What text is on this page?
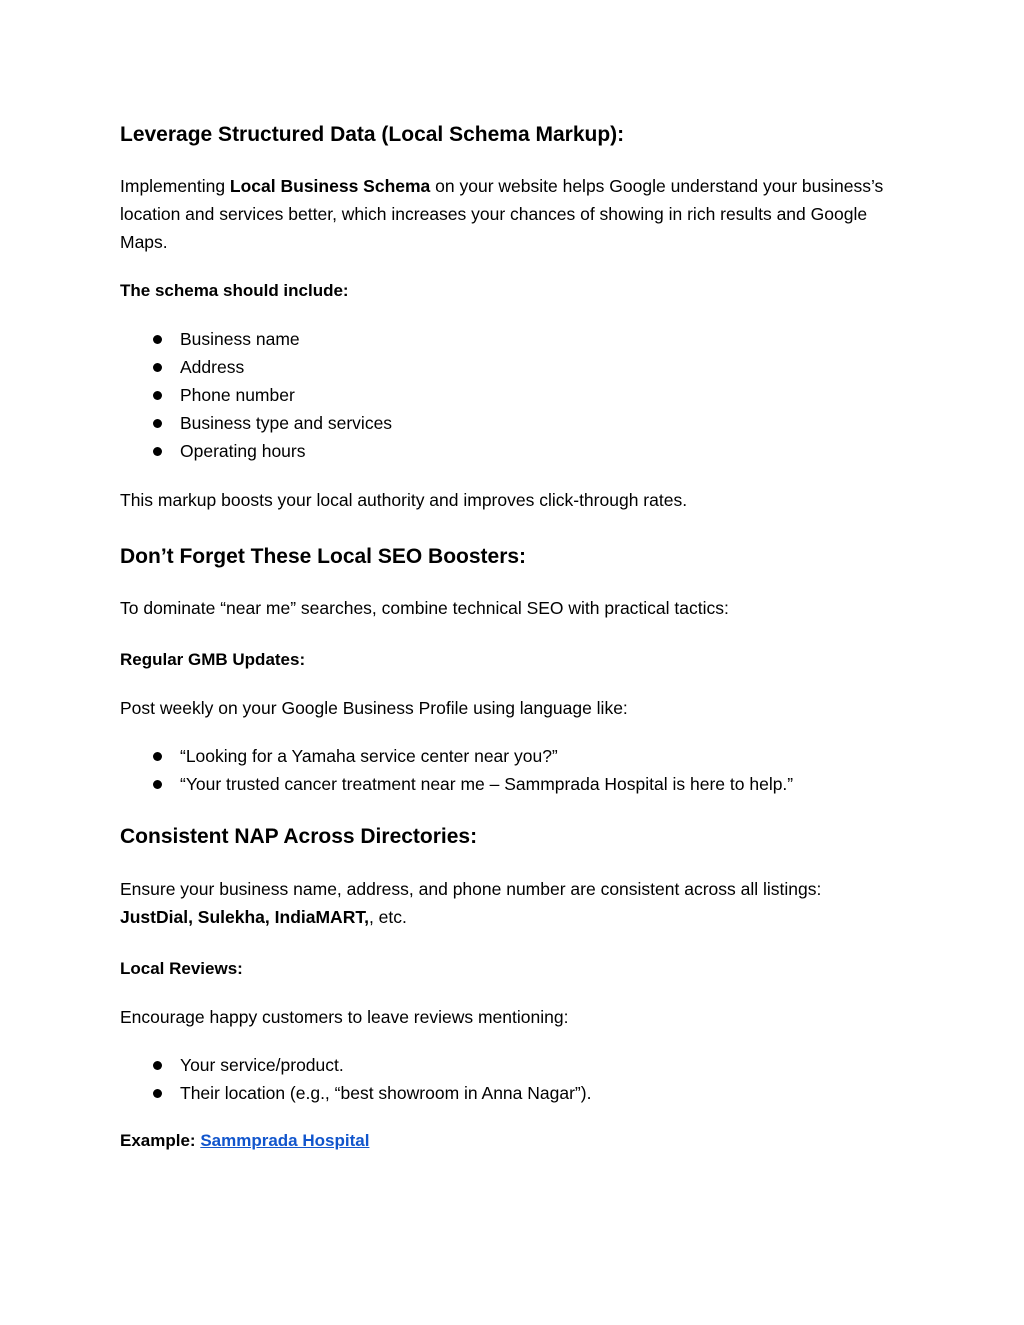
Leverage Structured Data (Local Schema Markup):

Implementing Local Business Schema on your website helps Google understand your business’s location and services better, which increases your chances of showing in rich results and Google Maps.

The schema should include:

Business name
Address
Phone number
Business type and services
Operating hours

This markup boosts your local authority and improves click-through rates.

Don’t Forget These Local SEO Boosters:

To dominate “near me” searches, combine technical SEO with practical tactics:

Regular GMB Updates:

Post weekly on your Google Business Profile using language like:

“Looking for a Yamaha service center near you?”
“Your trusted cancer treatment near me – Sammprada Hospital is here to help.”
Consistent NAP Across Directories:

Ensure your business name, address, and phone number are consistent across all listings:
JustDial, Sulekha, IndiaMART,, etc.

Local Reviews:

Encourage happy customers to leave reviews mentioning:

Your service/product.
Their location (e.g., “best showroom in Anna Nagar”).

Example: Sammprada Hospital
